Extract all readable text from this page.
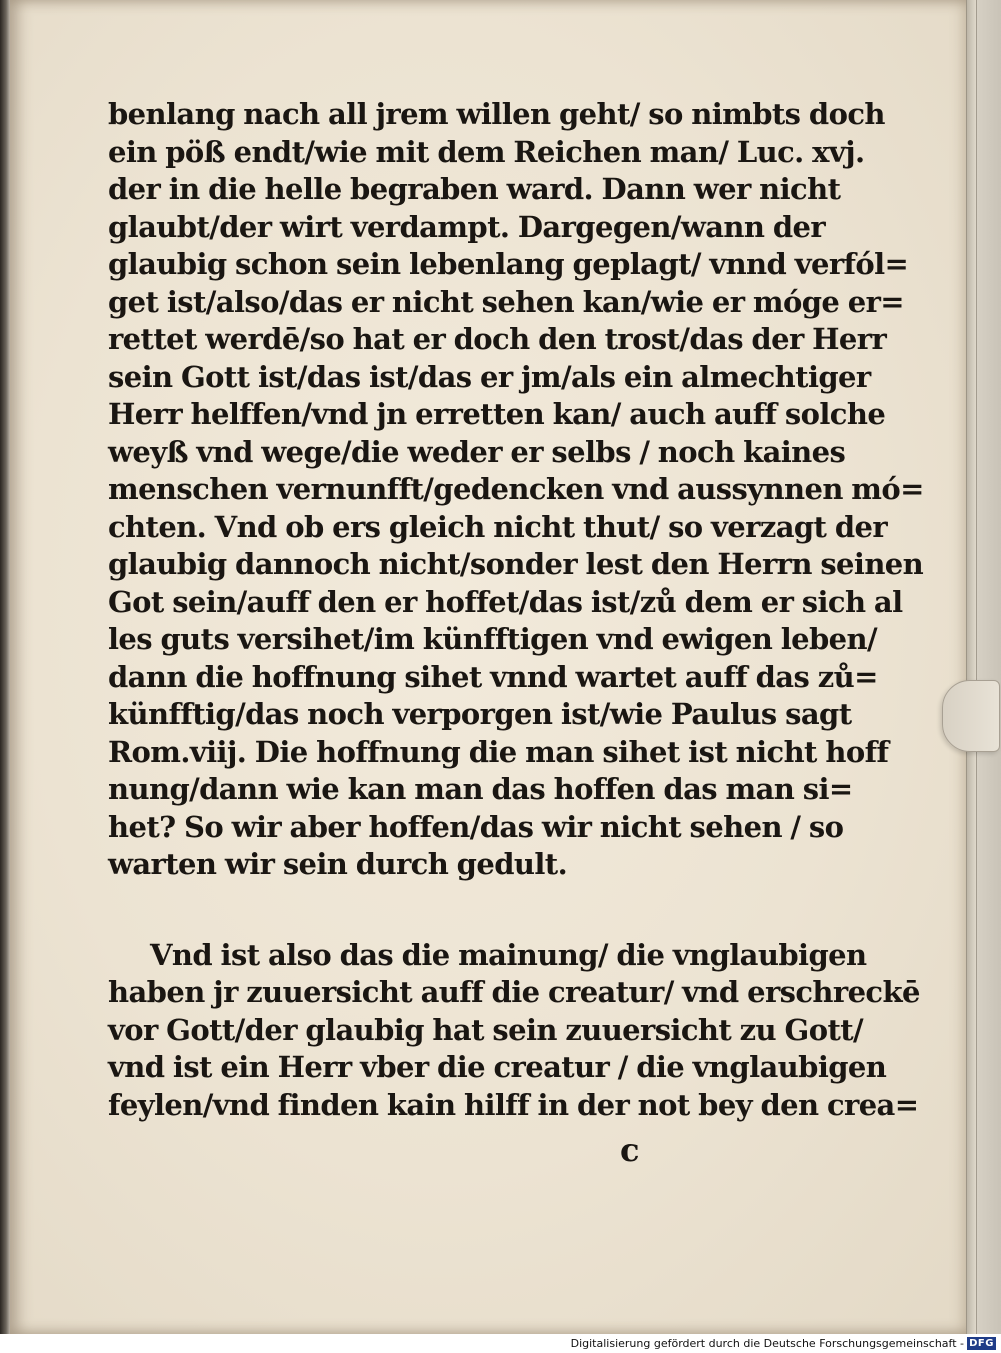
benlang nach all jrem willen geht/ so nimbts doch
ein pöß endt/wie mit dem Reichen man/ Luc. xvj.
der in die helle begraben ward. Dann wer nicht
glaubt/der wirt verdampt. Dargegen/wann der
glaubig schon sein lebenlang geplagt/ vnnd verfól=
get ist/also/das er nicht sehen kan/wie er móge er=
rettet werdē/so hat er doch den trost/das der Herr
sein Gott ist/das ist/das er jm/als ein almechtiger
Herr helffen/vnd jn erretten kan/ auch auff solche
weyß vnd wege/die weder er selbs / noch kaines
menschen vernunfft/gedencken vnd aussynnen mó=
chten. Vnd ob ers gleich nicht thut/ so verzagt der
glaubig dannoch nicht/sonder lest den Herrn seinen
Got sein/auff den er hoffet/das ist/zů dem er sich al
les guts versihet/im künfftigen vnd ewigen leben/
dann die hoffnung sihet vnnd wartet auff das zů=
künfftig/das noch verporgen ist/wie Paulus sagt
Rom.viij. Die hoffnung die man sihet ist nicht hoff
nung/dann wie kan man das hoffen das man si=
het? So wir aber hoffen/das wir nicht sehen / so
warten wir sein durch gedult.
Vnd ist also das die mainung/ die vnglaubigen
haben jr zuuersicht auff die creatur/ vnd erschreckē
vor Gott/der glaubig hat sein zuuersicht zu Gott/
vnd ist ein Herr vber die creatur / die vnglaubigen
feylen/vnd finden kain hilff in der not bey den crea=
c
Digitalisierung gefördert durch die Deutsche Forschungsgemeinschaft - DFG
